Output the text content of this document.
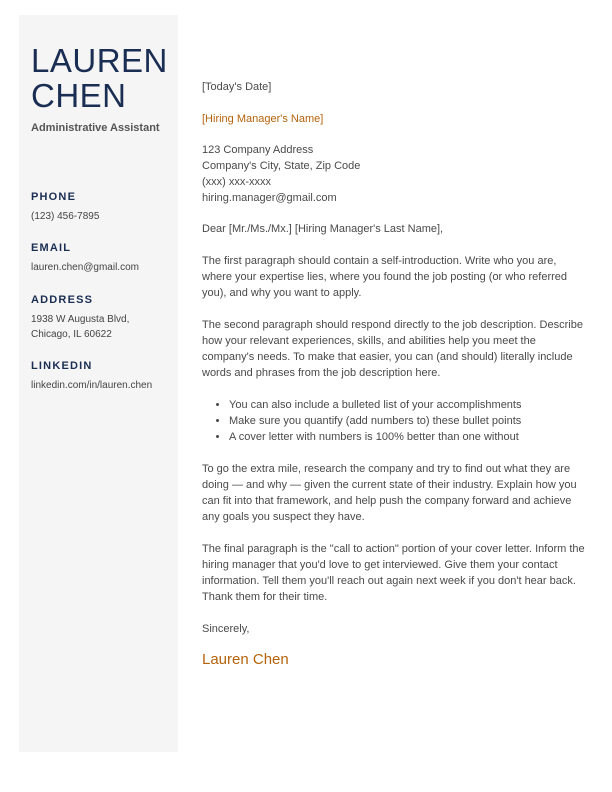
LAUREN
CHEN
Administrative Assistant
PHONE
(123) 456-7895
EMAIL
lauren.chen@gmail.com
ADDRESS
1938 W Augusta Blvd,
Chicago, IL 60622
LINKEDIN
linkedin.com/in/lauren.chen

[Today's Date]

[Hiring Manager's Name]

123 Company Address

Company's City, State, Zip Code

(xxx) xxx-xxxx

hiring.manager@gmail.com

Dear [Mr./Ms./Mx.] [Hiring Manager's Last Name],

The first paragraph should contain a self-introduction. Write who you are, where your expertise lies, where you found the job posting (or who referred you), and why you want to apply.

The second paragraph should respond directly to the job description. Describe how your relevant experiences, skills, and abilities help you meet the company's needs. To make that easier, you can (and should) literally include words and phrases from the job description here.

• You can also include a bulleted list of your accomplishments
• Make sure you quantify (add numbers to) these bullet points
• A cover letter with numbers is 100% better than one without

To go the extra mile, research the company and try to find out what they are doing — and why — given the current state of their industry. Explain how you can fit into that framework, and help push the company forward and achieve any goals you suspect they have.

The final paragraph is the "call to action" portion of your cover letter. Inform the hiring manager that you'd love to get interviewed. Give them your contact information. Tell them you'll reach out again next week if you don't hear back. Thank them for their time.

Sincerely,

Lauren Chen
